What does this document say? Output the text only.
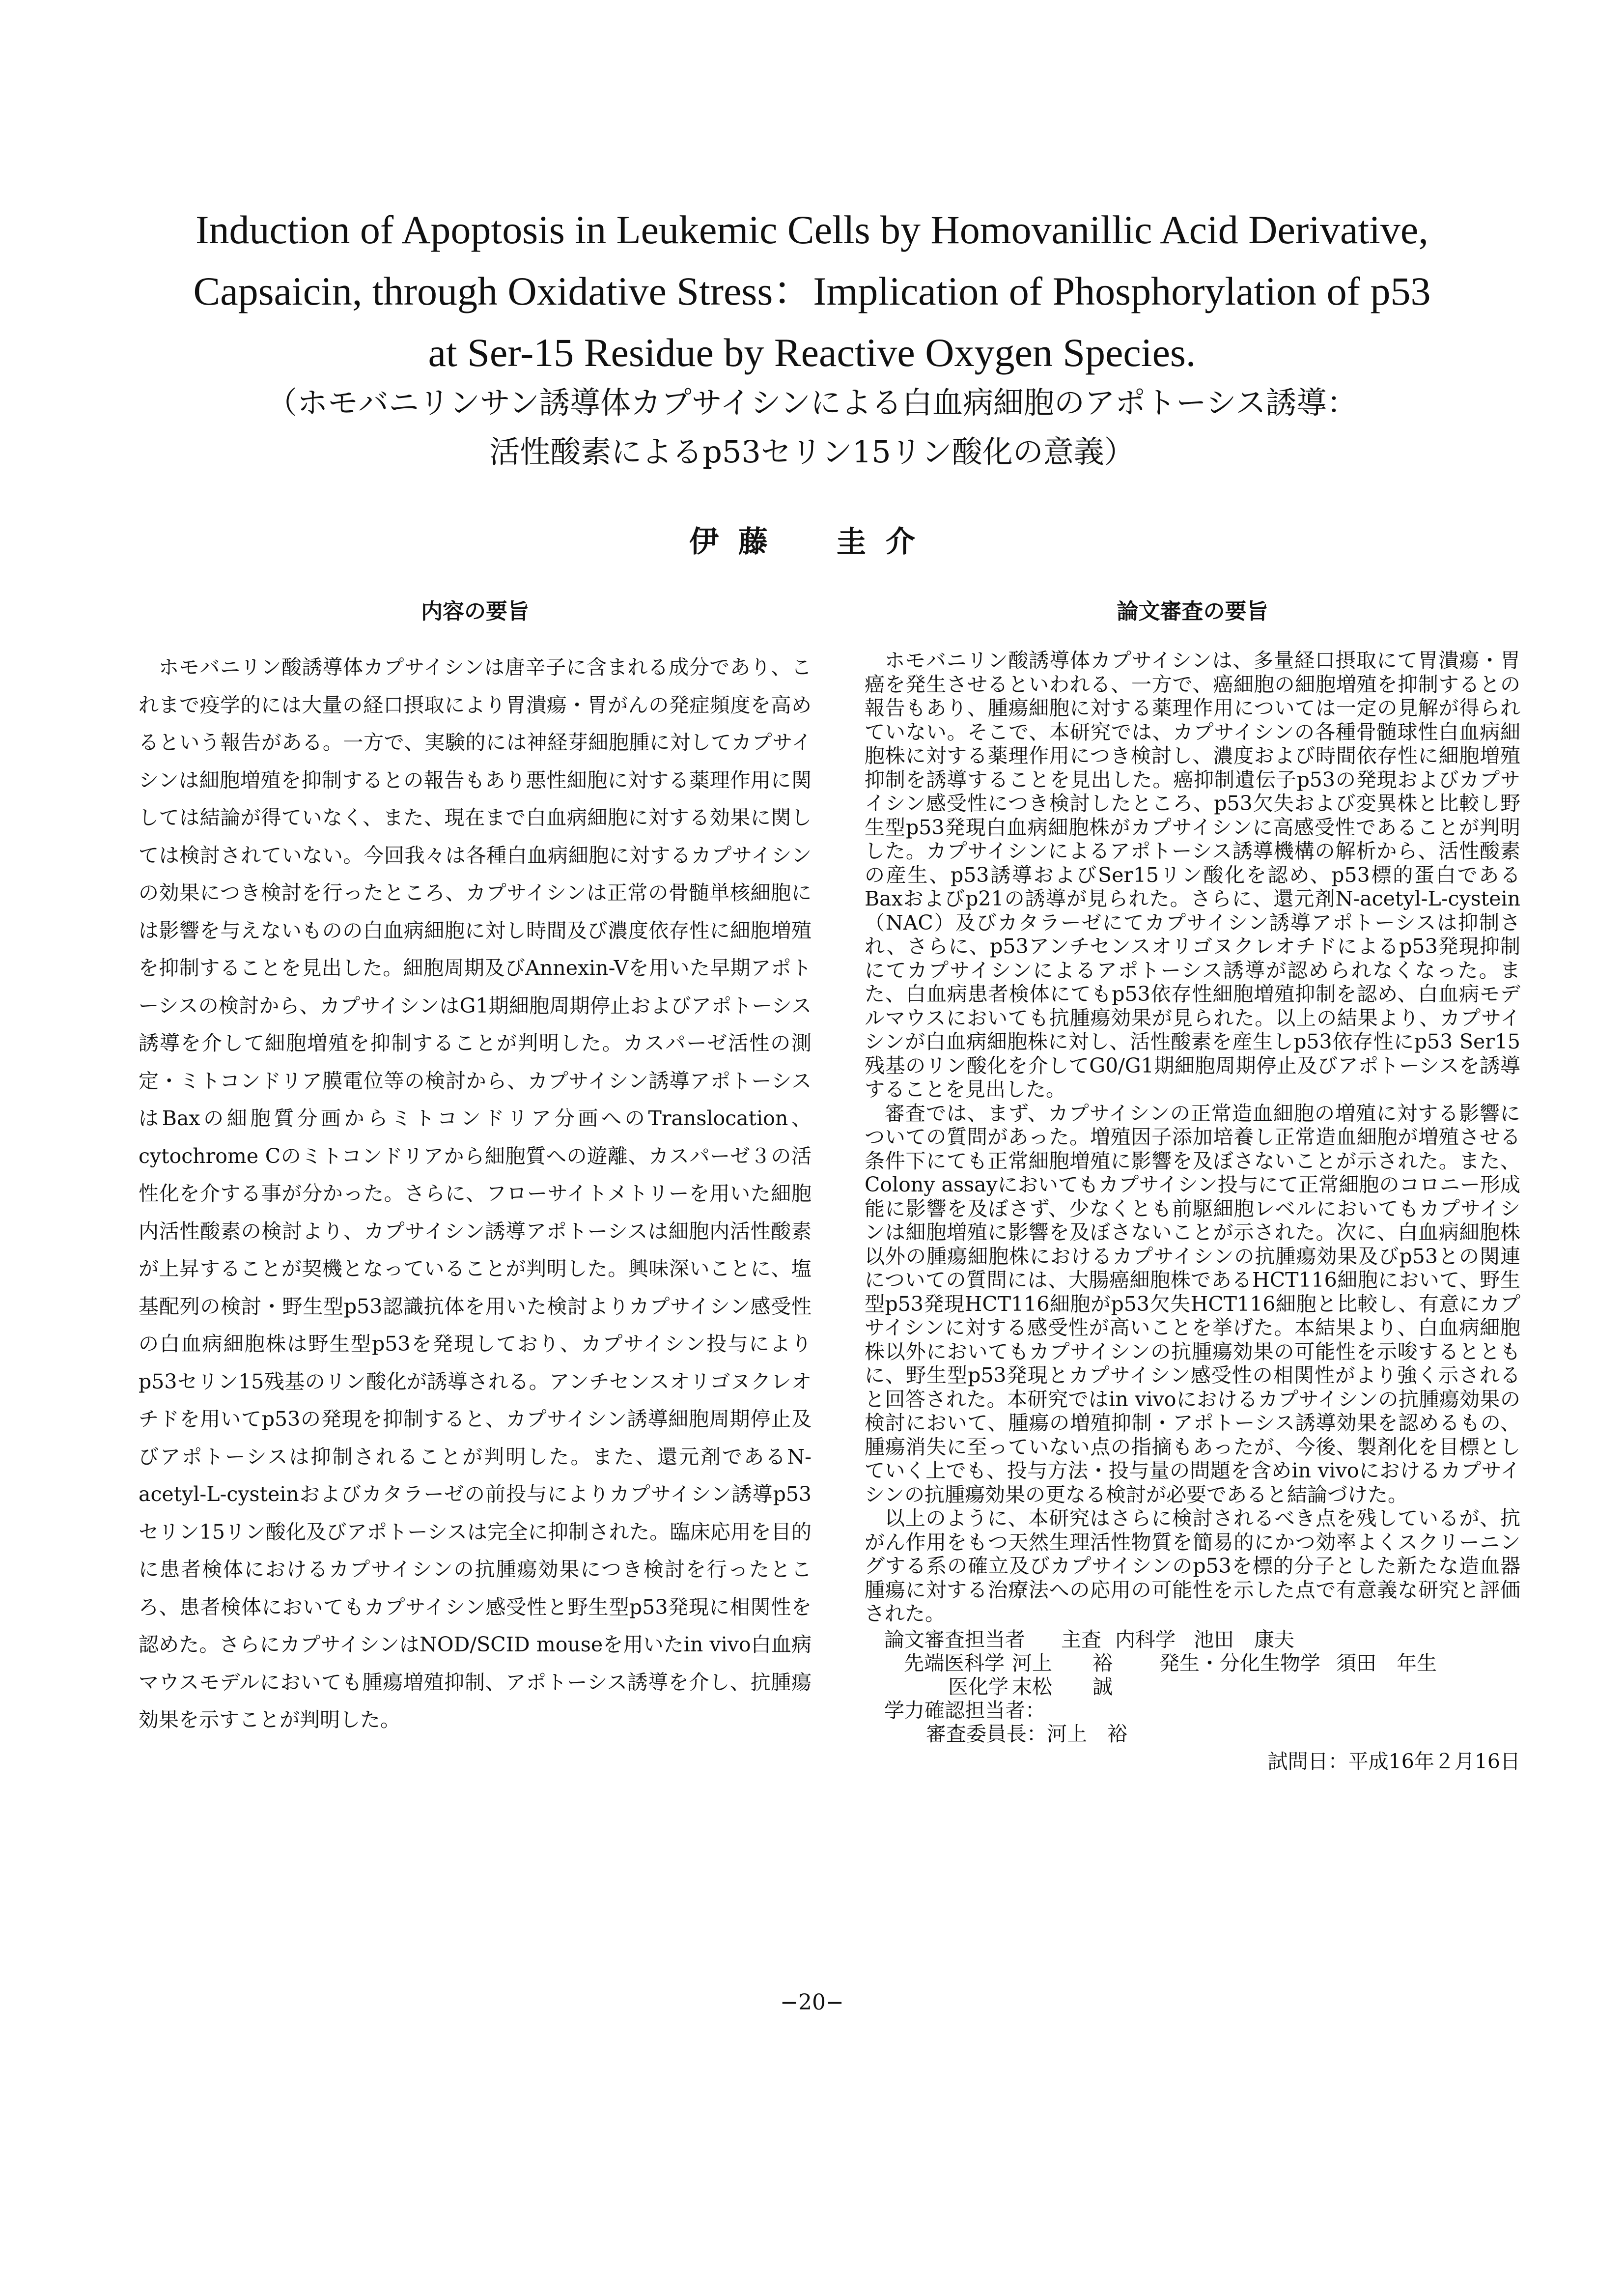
Induction of Apoptosis in Leukemic Cells by Homovanillic Acid Derivative,
Capsaicin, through Oxidative Stress：Implication of Phosphorylation of p53
at Ser-15 Residue by Reactive Oxygen Species.
（ホモバニリンサン誘導体カプサイシンによる白血病細胞のアポトーシス誘導：
活性酸素によるp53セリン15リン酸化の意義）
伊藤　圭介
内容の要旨

ホモバニリン酸誘導体カプサイシンは唐辛子に含まれる成分であり、これまで疫学的には大量の経口摂取により胃潰瘍・胃がんの発症頻度を高めるという報告がある。一方で、実験的には神経芽細胞腫に対してカプサイシンは細胞増殖を抑制するとの報告もあり悪性細胞に対する薬理作用に関しては結論が得ていなく、また、現在まで白血病細胞に対する効果に関しては検討されていない。今回我々は各種白血病細胞に対するカプサイシンの効果につき検討を行ったところ、カプサイシンは正常の骨髄単核細胞には影響を与えないものの白血病細胞に対し時間及び濃度依存性に細胞増殖を抑制することを見出した。細胞周期及びAnnexin-Vを用いた早期アポトーシスの検討から、カプサイシンはG1期細胞周期停止およびアポトーシス誘導を介して細胞増殖を抑制することが判明した。カスパーゼ活性の測定・ミトコンドリア膜電位等の検討から、カプサイシン誘導アポトーシスはBaxの細胞質分画からミトコンドリア分画へのTranslocation、cytochrome Cのミトコンドリアから細胞質への遊離、カスパーゼ３の活性化を介する事が分かった。さらに、フローサイトメトリーを用いた細胞内活性酸素の検討より、カプサイシン誘導アポトーシスは細胞内活性酸素が上昇することが契機となっていることが判明した。興味深いことに、塩基配列の検討・野生型p53認識抗体を用いた検討よりカプサイシン感受性の白血病細胞株は野生型p53を発現しており、カプサイシン投与によりp53セリン15残基のリン酸化が誘導される。アンチセンスオリゴヌクレオチドを用いてp53の発現を抑制すると、カプサイシン誘導細胞周期停止及びアポトーシスは抑制されることが判明した。また、還元剤であるN-acetyl-L-cysteinおよびカタラーゼの前投与によりカプサイシン誘導p53セリン15リン酸化及びアポトーシスは完全に抑制された。臨床応用を目的に患者検体におけるカプサイシンの抗腫瘍効果につき検討を行ったところ、患者検体においてもカプサイシン感受性と野生型p53発現に相関性を認めた。さらにカプサイシンはNOD/SCID mouseを用いたin vivo白血病マウスモデルにおいても腫瘍増殖抑制、アポトーシス誘導を介し、抗腫瘍効果を示すことが判明した。

論文審査の要旨

ホモバニリン酸誘導体カプサイシンは、多量経口摂取にて胃潰瘍・胃癌を発生させるといわれる、一方で、癌細胞の細胞増殖を抑制するとの報告もあり、腫瘍細胞に対する薬理作用については一定の見解が得られていない。そこで、本研究では、カプサイシンの各種骨髄球性白血病細胞株に対する薬理作用につき検討し、濃度および時間依存性に細胞増殖抑制を誘導することを見出した。癌抑制遺伝子p53の発現およびカプサイシン感受性につき検討したところ、p53欠失および変異株と比較し野生型p53発現白血病細胞株がカプサイシンに高感受性であることが判明した。カプサイシンによるアポトーシス誘導機構の解析から、活性酸素の産生、p53誘導およびSer15リン酸化を認め、p53標的蛋白であるBaxおよびp21の誘導が見られた。さらに、還元剤N-acetyl-L-cystein（NAC）及びカタラーゼにてカプサイシン誘導アポトーシスは抑制され、さらに、p53アンチセンスオリゴヌクレオチドによるp53発現抑制にてカプサイシンによるアポトーシス誘導が認められなくなった。また、白血病患者検体にてもp53依存性細胞増殖抑制を認め、白血病モデルマウスにおいても抗腫瘍効果が見られた。以上の結果より、カプサイシンが白血病細胞株に対し、活性酸素を産生しp53依存性にp53 Ser15残基のリン酸化を介してG0/G1期細胞周期停止及びアポトーシスを誘導することを見出した。

審査では、まず、カプサイシンの正常造血細胞の増殖に対する影響についての質問があった。増殖因子添加培養し正常造血細胞が増殖させる条件下にても正常細胞増殖に影響を及ぼさないことが示された。また、Colony assayにおいてもカプサイシン投与にて正常細胞のコロニー形成能に影響を及ぼさず、少なくとも前駆細胞レベルにおいてもカプサイシンは細胞増殖に影響を及ぼさないことが示された。次に、白血病細胞株以外の腫瘍細胞株におけるカプサイシンの抗腫瘍効果及びp53との関連についての質問には、大腸癌細胞株であるHCT116細胞において、野生型p53発現HCT116細胞がp53欠失HCT116細胞と比較し、有意にカプサイシンに対する感受性が高いことを挙げた。本結果より、白血病細胞株以外においてもカプサイシンの抗腫瘍効果の可能性を示唆するとともに、野生型p53発現とカプサイシン感受性の相関性がより強く示されると回答された。本研究ではin vivoにおけるカプサイシンの抗腫瘍効果の検討において、腫瘍の増殖抑制・アポトーシス誘導効果を認めるもの、腫瘍消失に至っていない点の指摘もあったが、今後、製剤化を目標としていく上でも、投与方法・投与量の問題を含めin vivoにおけるカプサイシンの抗腫瘍効果の更なる検討が必要であると結論づけた。

以上のように、本研究はさらに検討されるべき点を残しているが、抗がん作用をもつ天然生理活性物質を簡易的にかつ効率よくスクリーニングする系の確立及びカプサイシンのp53を標的分子とした新たな造血器腫瘍に対する治療法への応用の可能性を示した点で有意義な研究と評価された。

論文審査担当者	主査 内科学 池田　康夫
先端医科学 河上　　裕	発生・分化生物学 須田　年生
医化学 末松　　誠
学力確認担当者：
審査委員長： 河上　裕
試問日：平成16年２月16日
−20−
